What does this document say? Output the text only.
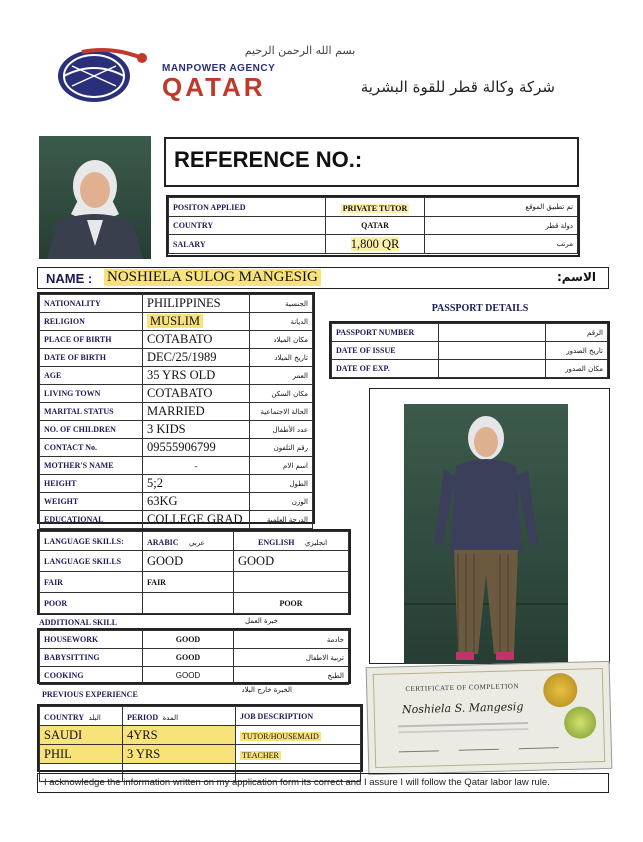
بسم الله الرحمن الرحيم
MANPOWER AGENCY
QATAR	شركة وكالة قطر للقوة البشرية
REFERENCE NO.:
POSITON APPLIED	PRIVATE TUTOR	تم تطبيق الموقع
COUNTRY	QATAR	دولة قطر
SALARY	1,800 QR	مرتب
NAME : NOSHIELA SULOG MANGESIG	الاسم:
NATIONALITY	PHILIPPINES	الجنسية
RELIGION	MUSLIM	الديانة
PLACE OF BIRTH	COTABATO	مكان الميلاد
DATE OF BIRTH	DEC/25/1989	تاريخ الميلاد
AGE	35 YRS OLD	العمر
LIVING TOWN	COTABATO	مكان السكن
MARITAL STATUS	MARRIED	الحالة الاجتماعية
NO. OF CHILDREN	3 KIDS	عدد الأطفال
CONTACT No.	09555906799	رقم التلفون
MOTHER'S NAME	-	اسم الام
HEIGHT	5;2	الطول
WEIGHT	63KG	الوزن
EDUCATIONAL	COLLEGE GRAD	الدرجة العلمية
PASSPORT DETAILS
PASSPORT NUMBER		الرقم
DATE OF ISSUE		تاريخ الصدور
DATE OF EXP.		مكان الصدور
LANGUAGE SKILLS:	ARABIC عربي	ENGLISH انجليزي
LANGUAGE SKILLS	GOOD	GOOD
FAIR	FAIR	
POOR		POOR
ADDITIONAL SKILL	خبرة العمل
HOUSEWORK	GOOD	خادمة
BABYSITTING	GOOD	تربية الاطفال
COOKING	GOOD	الطبخ
PREVIOUS EXPERIENCE	الخبرة خارج البلاد
COUNTRY البلد	PERIOD المدة	JOB DESCRIPTION
SAUDI	4YRS	TUTOR/HOUSEMAID
PHIL	3 YRS	TEACHER

CERTIFICATE OF COMPLETION
Noshiela S. Mangesig
I acknowledge the information written on my application form its correct and I assure I will follow the Qatar labor law rule.
